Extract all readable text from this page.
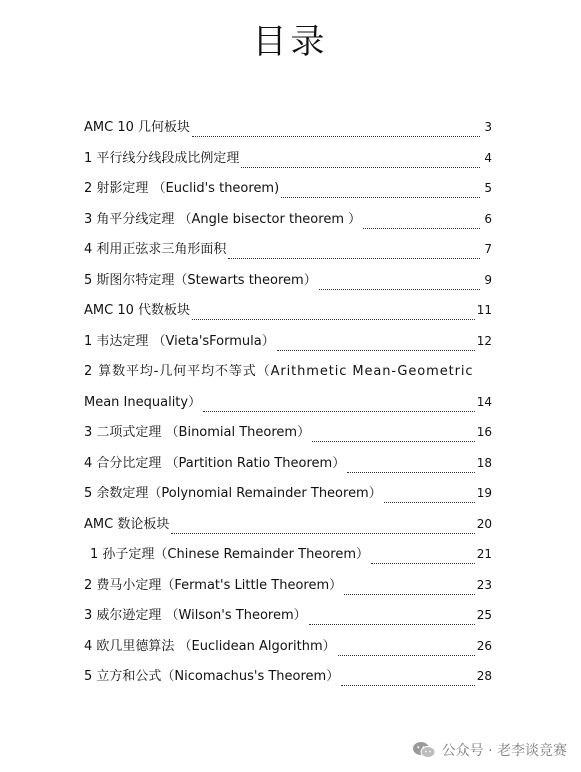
目录
AMC 10 几何板块	3
1 平行线分线段成比例定理	4
2 射影定理 （Euclid's theorem)	5
3 角平分线定理 （Angle bisector theorem ）	6
4 利用正弦求三角形面积	7
5 斯图尔特定理（Stewarts theorem）	9
AMC 10 代数板块	11
1 韦达定理 （Vieta'sFormula）	12
2 算数平均-几何平均不等式（Arithmetic Mean-Geometric
Mean Inequality）	14
3 二项式定理 （Binomial Theorem）	16
4 合分比定理 （Partition Ratio Theorem）	18
5 余数定理（Polynomial Remainder Theorem）	19
AMC 数论板块	20
1 孙子定理（Chinese Remainder Theorem）	21
2 费马小定理（Fermat's Little Theorem）	23
3 威尔逊定理 （Wilson's Theorem）	25
4 欧几里德算法 （Euclidean Algorithm）	26
5 立方和公式（Nicomachus's Theorem）	28
公众号 · 老李谈竞赛
